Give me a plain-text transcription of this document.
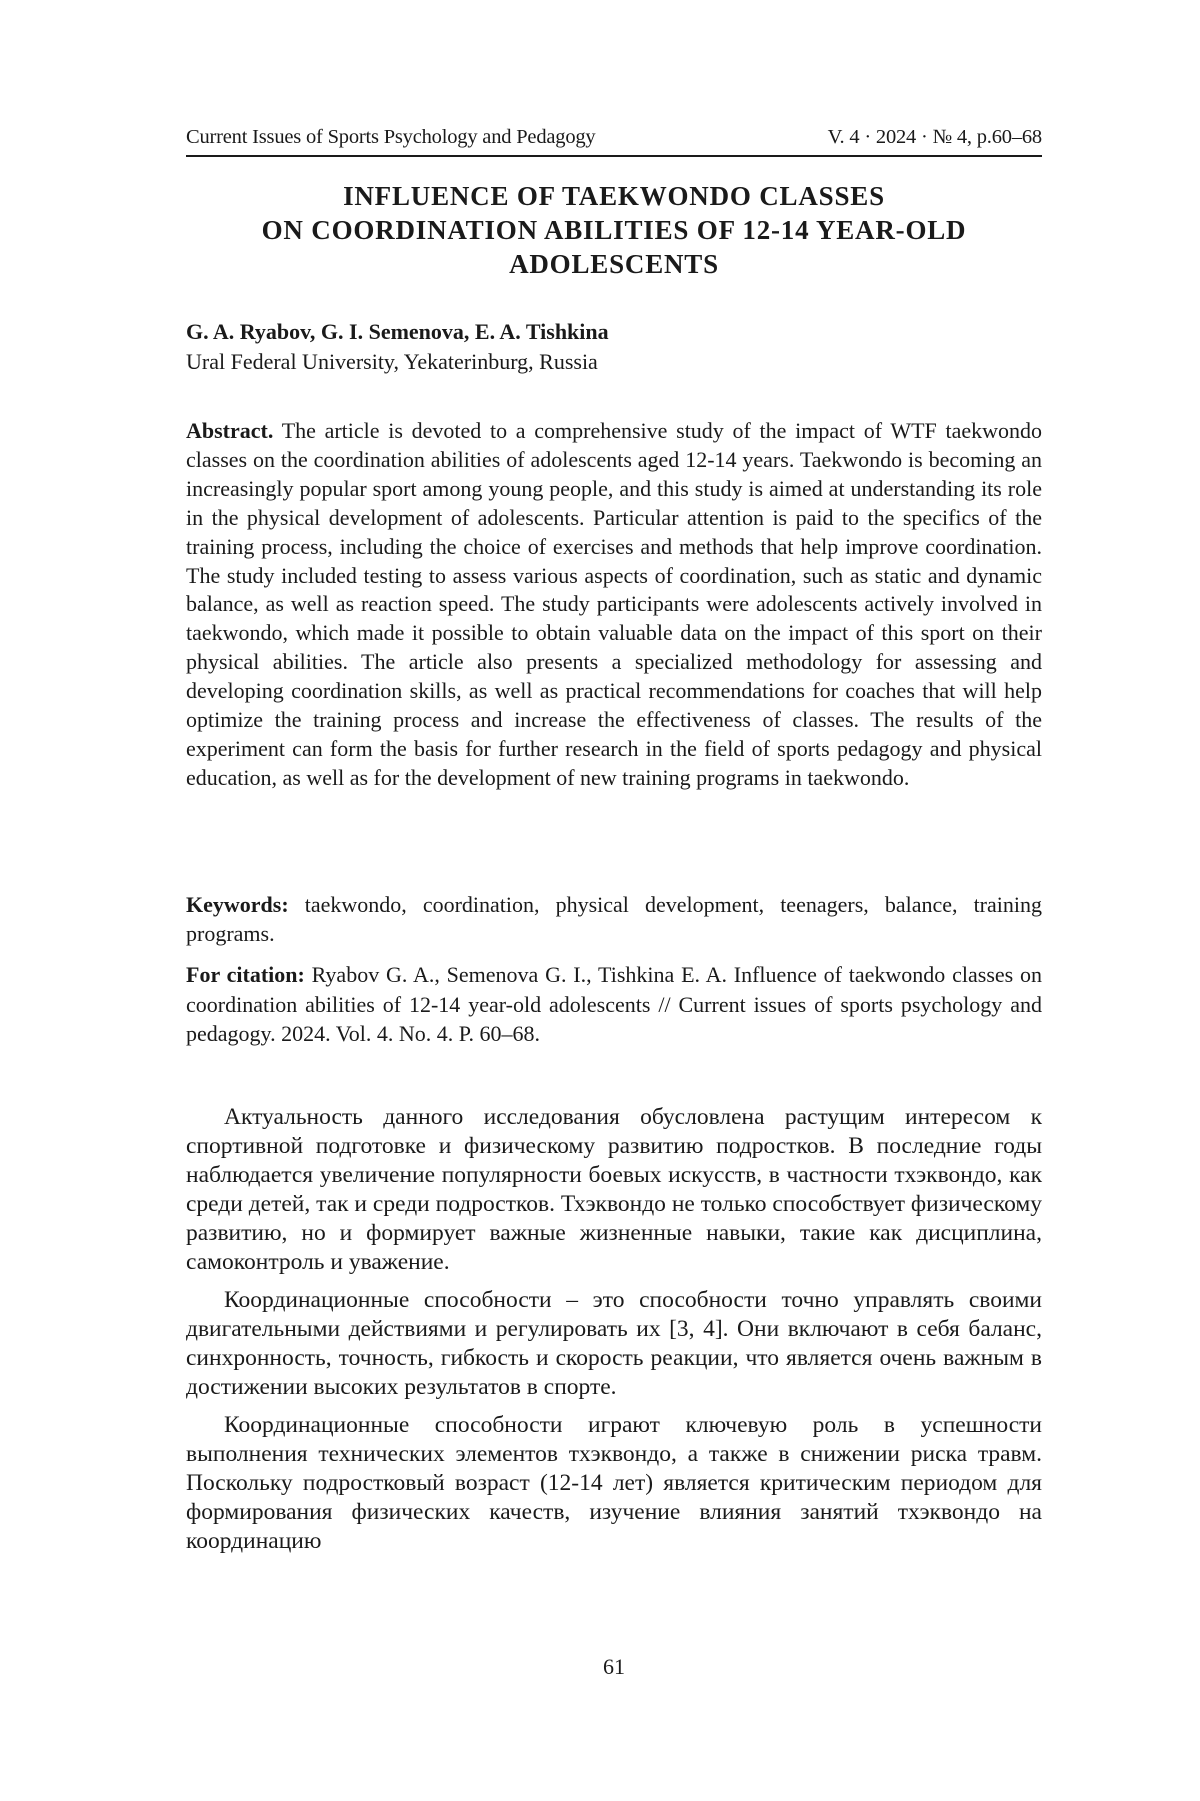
Current Issues of Sports Psychology and Pedagogy	V. 4 · 2024 · № 4, p.60–68
INFLUENCE OF TAEKWONDO CLASSES
ON COORDINATION ABILITIES OF 12-14 YEAR-OLD
ADOLESCENTS
G. A. Ryabov, G. I. Semenova, E. A. Tishkina
Ural Federal University, Yekaterinburg, Russia

Abstract. The article is devoted to a comprehensive study of the impact of WTF taekwondo classes on the coordination abilities of adolescents aged 12-14 years. Taekwondo is becoming an increasingly popular sport among young people, and this study is aimed at understanding its role in the physical development of adolescents. Particular attention is paid to the specifics of the training process, including the choice of exercises and methods that help improve coordination. The study included testing to assess various aspects of coordination, such as static and dynamic balance, as well as reaction speed. The study participants were adolescents actively involved in taekwondo, which made it possible to obtain valuable data on the impact of this sport on their physical abilities. The article also presents a specialized methodology for assessing and developing coordination skills, as well as practical recommendations for coaches that will help optimize the training process and increase the effectiveness of classes. The results of the experiment can form the basis for further research in the field of sports pedagogy and physical education, as well as for the development of new training programs in taekwondo.

Keywords: taekwondo, coordination, physical development, teenagers, balance, training programs.

For citation: Ryabov G. A., Semenova G. I., Tishkina E. A. Influence of taekwondo classes on coordination abilities of 12-14 year-old adolescents // Current issues of sports psychology and pedagogy. 2024. Vol. 4. No. 4. P. 60–68.

Актуальность данного исследования обусловлена растущим интересом к спортивной подготовке и физическому развитию подростков. В последние годы наблюдается увеличение популярности боевых искусств, в частности тхэквондо, как среди детей, так и среди подростков. Тхэквондо не только способствует физическому развитию, но и формирует важные жизненные навыки, такие как дисциплина, самоконтроль и уважение.

Координационные способности – это способности точно управлять своими двигательными действиями и регулировать их [3, 4]. Они включают в себя баланс, синхронность, точность, гибкость и скорость реакции, что является очень важным в достижении высоких результатов в спорте.

Координационные способности играют ключевую роль в успешности выполнения технических элементов тхэквондо, а также в снижении риска травм. Поскольку подростковый возраст (12-14 лет) является критическим периодом для формирования физических качеств, изучение влияния занятий тхэквондо на координацию

61
